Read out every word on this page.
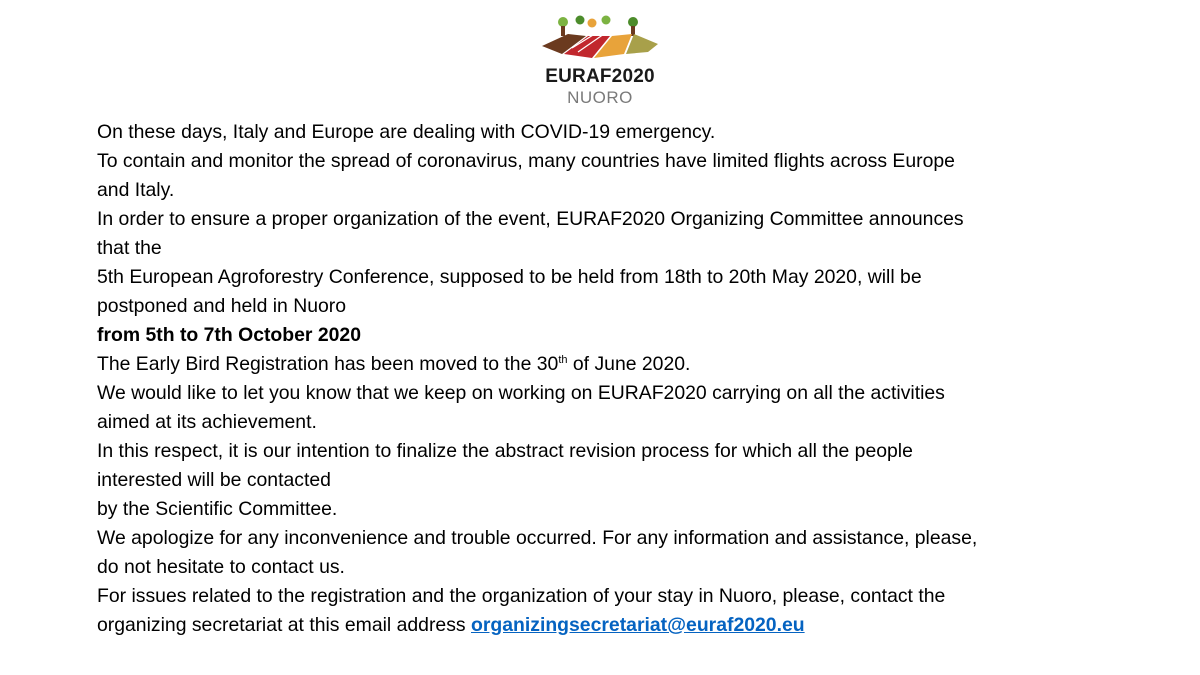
EURAF2020
NUORO
On these days, Italy and Europe are dealing with COVID-19 emergency.
To contain and monitor the spread of coronavirus, many countries have limited flights across Europe
and Italy.
In order to ensure a proper organization of the event, EURAF2020 Organizing Committee announces
that the
5th European Agroforestry Conference, supposed to be held from 18th to 20th May 2020, will be
postponed and held in Nuoro
from 5th to 7th October 2020
The Early Bird Registration has been moved to the 30th of June 2020.
We would like to let you know that we keep on working on EURAF2020 carrying on all the activities
aimed at its achievement.
In this respect, it is our intention to finalize the abstract revision process for which all the people
interested will be contacted
by the Scientific Committee.
We apologize for any inconvenience and trouble occurred. For any information and assistance, please,
do not hesitate to contact us.
For issues related to the registration and the organization of your stay in Nuoro, please, contact the
organizing secretariat at this email address organizingsecretariat@euraf2020.eu
